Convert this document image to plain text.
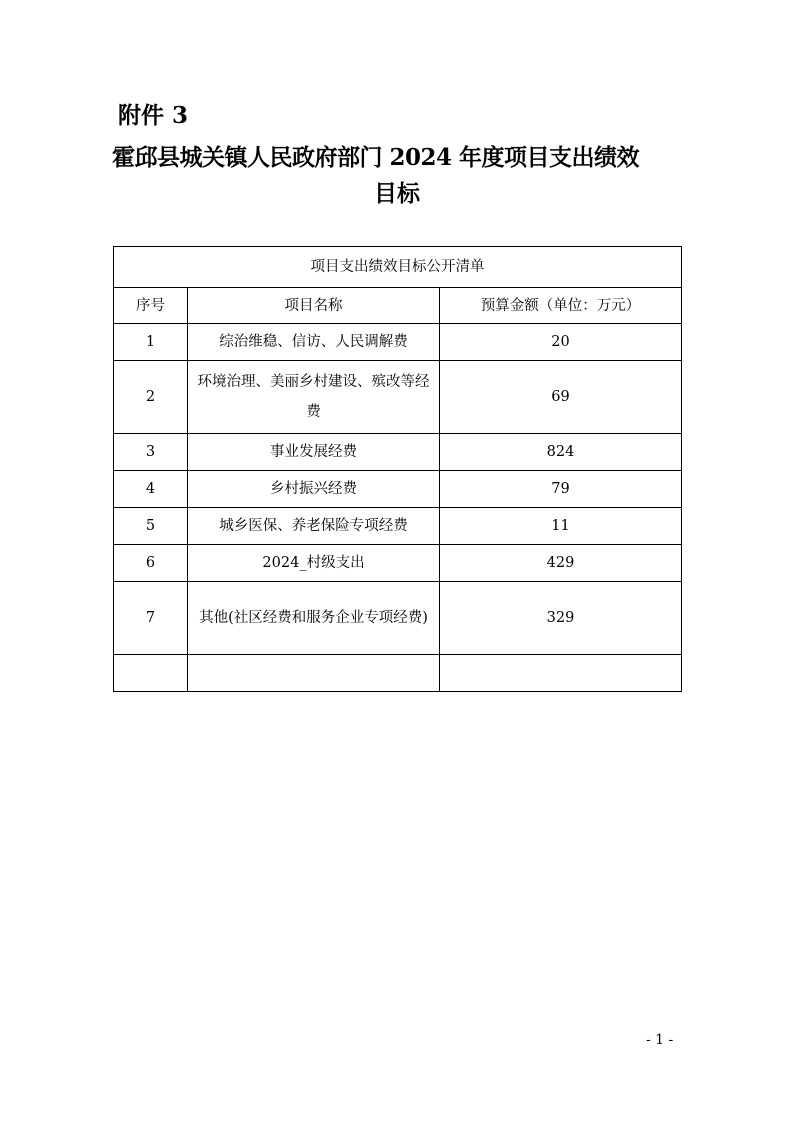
附件 3
霍邱县城关镇人民政府部门 2024 年度项目支出绩效
目标
项目支出绩效目标公开清单		
序号	项目名称	预算金额（单位：万元）
1	综治维稳、信访、人民调解费	20
2	环境治理、美丽乡村建设、殡改等经费	69
3	事业发展经费	824
4	乡村振兴经费	79
5	城乡医保、养老保险专项经费	11
6	2024_村级支出	429
7	其他(社区经费和服务企业专项经费)	329

- 1 -
